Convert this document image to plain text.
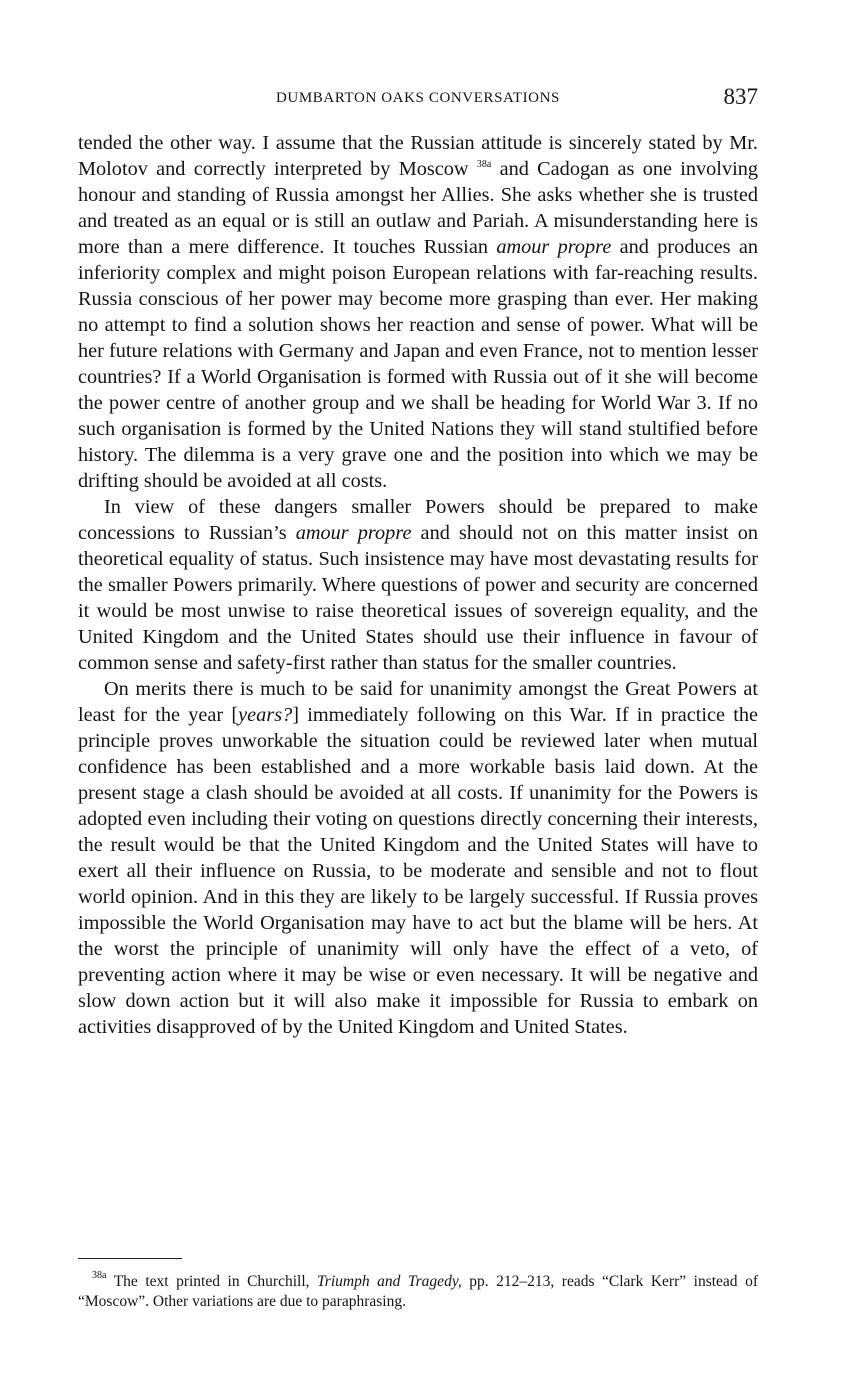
DUMBARTON OAKS CONVERSATIONS	837

tended the other way. I assume that the Russian attitude is sincerely stated by Mr. Molotov and correctly interpreted by Moscow $^{38a}$ and Cadogan as one involving honour and standing of Russia amongst her Allies. She asks whether she is trusted and treated as an equal or is still an outlaw and Pariah. A misunderstanding here is more than a mere difference. It touches Russian amour propre and produces an inferiority complex and might poison European relations with far-reaching results. Russia conscious of her power may become more grasping than ever. Her making no attempt to find a solution shows her reaction and sense of power. What will be her future relations with Germany and Japan and even France, not to mention lesser countries? If a World Organisation is formed with Russia out of it she will become the power centre of another group and we shall be heading for World War 3. If no such organisation is formed by the United Nations they will stand stultified before history. The dilemma is a very grave one and the position into which we may be drifting should be avoided at all costs.

In view of these dangers smaller Powers should be prepared to make concessions to Russian’s amour propre and should not on this matter insist on theoretical equality of status. Such insistence may have most devastating results for the smaller Powers primarily. Where questions of power and security are concerned it would be most unwise to raise theoretical issues of sovereign equality, and the United Kingdom and the United States should use their influence in favour of common sense and safety-first rather than status for the smaller countries.

On merits there is much to be said for unanimity amongst the Great Powers at least for the year [years?] immediately following on this War. If in practice the principle proves unworkable the situation could be reviewed later when mutual confidence has been established and a more workable basis laid down. At the present stage a clash should be avoided at all costs. If unanimity for the Powers is adopted even including their voting on questions directly concerning their interests, the result would be that the United Kingdom and the United States will have to exert all their influence on Russia, to be moderate and sensible and not to flout world opinion. And in this they are likely to be largely successful. If Russia proves impossible the World Organisation may have to act but the blame will be hers. At the worst the principle of unanimity will only have the effect of a veto, of preventing action where it may be wise or even necessary. It will be negative and slow down action but it will also make it impossible for Russia to embark on activities disapproved of by the United Kingdom and United States.

$^{38a}$ The text printed in Churchill, Triumph and Tragedy, pp. 212–213, reads “Clark Kerr” instead of “Moscow”. Other variations are due to paraphrasing.
